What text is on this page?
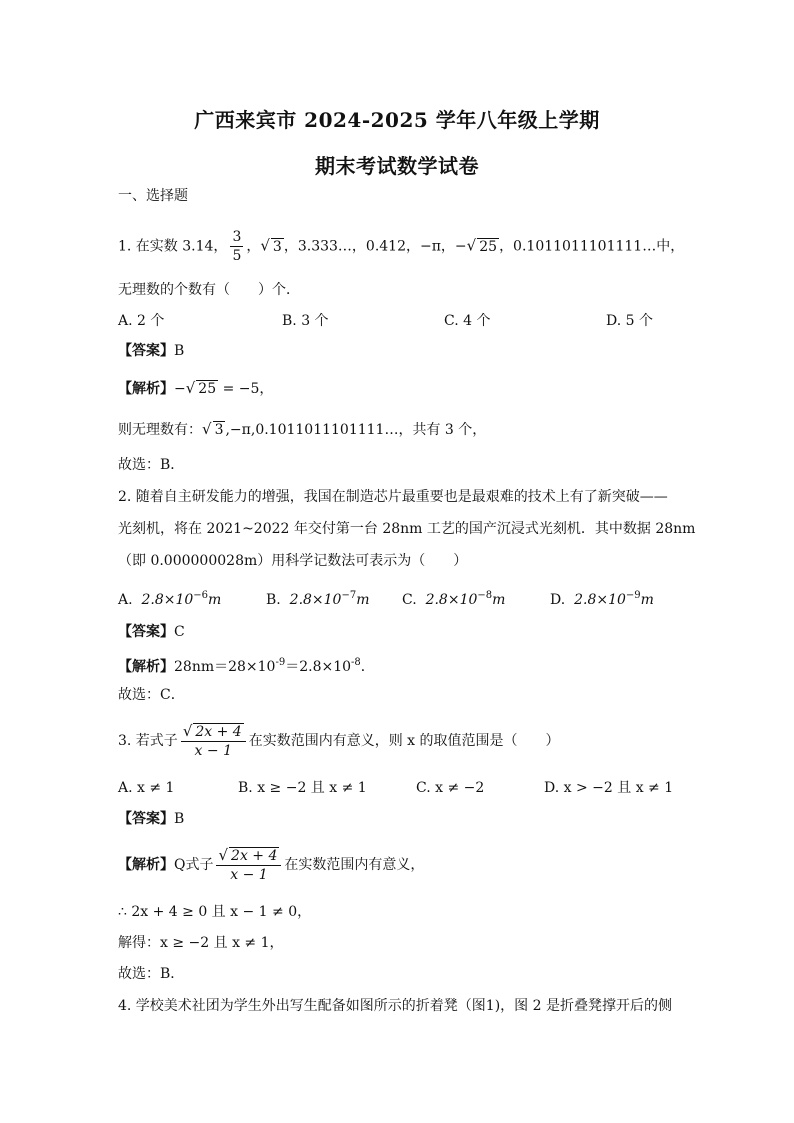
广西来宾市 2024-2025 学年八年级上学期
期末考试数学试卷
一、选择题
1. 在实数 3.14， $\frac{3}{5}$ ，√ 3 ，3.333…，0.412，−π，−√ 25 ，0.1011011101111…中，
无理数的个数有（　　）个．
A. 2 个	B. 3 个	C. 4 个	D. 5 个
【答案】B
【解析】−√ 25 = −5，
则无理数有：√ 3 ,−π,0.1011011101111…，共有 3 个，
故选：B．
2. 随着自主研发能力的增强，我国在制造芯片最重要也是最艰难的技术上有了新突破——
光刻机，将在 2021~2022 年交付第一台 28nm 工艺的国产沉浸式光刻机．其中数据 28nm
（即 0.000000028m）用科学记数法可表示为（　　）
A. $2.8\times 10^{-6}m$	B. $2.8\times 10^{-7}m$ C. $2.8\times 10^{-8}m$	D. $2.8\times 10^{-9}m$
【答案】C
【解析】$28nm=28\times 10^{-9}=2.8\times 10^{-8}$．
故选：C．
3. 若式子 $\frac{√ 2x + 4}{x - 1}$ 在实数范围内有意义，则 x 的取值范围是（　　）
A. x ≠ 1	B. x ≥ −2 且 x ≠ 1	C. x ≠ −2	D. x > −2 且 x ≠ 1
【答案】B
【解析】Q式子 $\frac{√ 2x + 4}{x - 1}$ 在实数范围内有意义，
∴ 2x + 4 ≥ 0 且 x − 1 ≠ 0，
解得：x ≥ −2 且 x ≠ 1，
故选：B．
4. 学校美术社团为学生外出写生配备如图所示的折着凳（图1)，图 2 是折叠凳撑开后的侧
